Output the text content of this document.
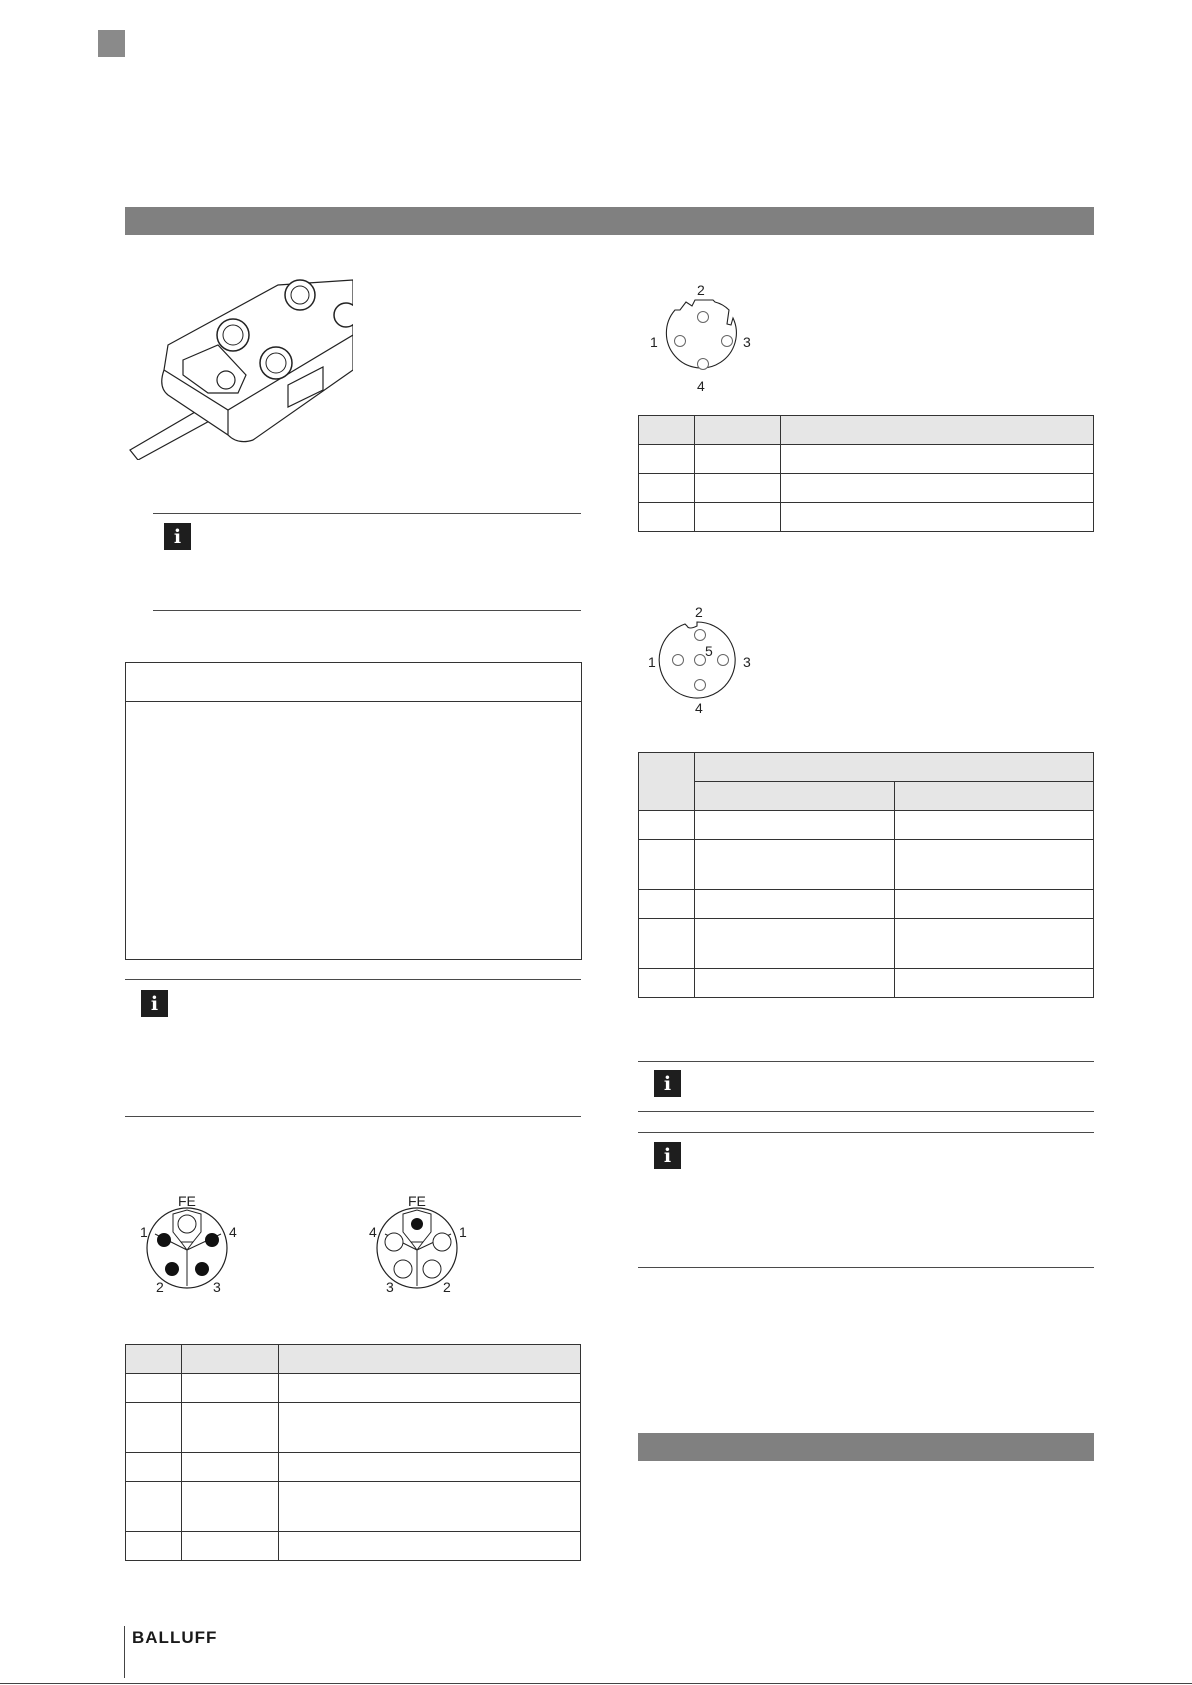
i
i
FE
1
2	3
4
FE
1
2
3
4

1
2
3
4

1
2
3
4
5

i
i
BALLUFF
